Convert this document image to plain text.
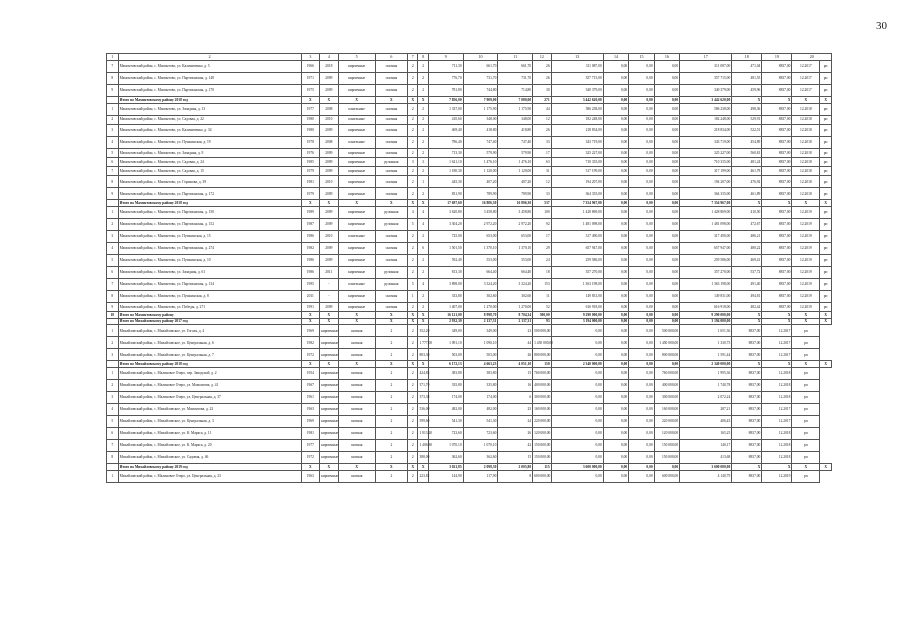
30
1	2	3	4	5	6	7	8	9	10	11	12	13	14	15	16	17	18	19	20	
7	Мамонтовский район, с. Мамонтово, ул. Калиниченко, д. 5	1966	2018	кирпичные	скатная	2	2	711,30	661,70	661,70	26	311 087,00	0,00	0,00	0,00	311 087,00	471,04	8837,00	12.2017	рп
8	Мамонтовский район, с. Мамонтово, ул. Партизанская, д. 148	1971	2009	кирпичные	скатная	2	2	776,70	731,70	731,70	26	357 715,00	0,00	0,00	0,00	357 715,00	481,55	8837,00	12.2017	рп
9	Мамонтовский район, с. Мамонтово, ул. Партизанская, д. 170	1975	2009	кирпичные	скатная	2	2	781,80	744,80	714,80	30	340 379,00	0,00	0,00	0,00	340 379,00	459,96	8837,00	12.2017	рп
	Итого по Мамонтовскому району 2018 год	X	X	X	X	X	X	7 856,00	7 909,00	7 080,00	271	3 442 620,00	0,00	0,00	0,00	3 442 620,00	X	X	X	X
1	Мамонтовский район, с. Мамонтово, ул. Западная, д. 13	1977	2008	панельные	скатная	2	2	1 337,00	1 175,90	1 175,90	44	586 238,00	0,00	0,00	0,00	586 238,00	498,36	8837,00	12.2018	рп
2	Мамонтовский район, с. Мамонтово, ул. Садовая, д. 22	1980	2010	панельные	скатная	2	2	410,60	348,00	348,00	12	182 248,00	0,00	0,00	0,00	182 248,00	529,91	8837,00	12.2018	рп
3	Мамонтовский район, с. Мамонтово, ул. Калиниченко, д. 34	1980	2009	кирпичные	скатная	2	2	469,40	418,80	418,80	26	218 834,00	0,00	0,00	0,00	218 834,00	522,51	8837,00	12.2018	рп
4	Мамонтовский район, с. Мамонтово, ул. Пушкинская, д. 19	1978	2008	панельные	скатная	2	2	786,40	747,40	747,40	33	343 719,00	0,00	0,00	0,00	343 719,00	454,89	8837,00	12.2018	рп
5	Мамонтовский район, с. Мамонтово, ул. Западная, д. 9	1976	2009	кирпичные	скатная	2	2	713,30	579,90	579,90	17	325 227,00	0,00	0,00	0,00	325 227,00	560,81	8837,00	12.2018	рп
6	Мамонтовский район, с. Мамонтово, ул. Садовая, д. 24	1985	2009	кирпичные	рулонная	3	3	1 621,10	1 476,10	1 476,10	63	710 335,00	0,00	0,00	0,00	710 335,00	481,24	8837,00	12.2018	рп
7	Мамонтовский район, с. Мамонтово, ул. Садовая, д. 15	1979	2009	кирпичные	скатная	2	2	1 180,30	1 120,00	1 120,00	31	317 199,00	0,00	0,00	0,00	317 199,00	461,78	8837,00	12.2018	рп
8	Мамонтовский район, с. Мамонтово, ул. Горшкова, д. 39	1981	2010	кирпичные	скатная	2	1	445,30	407,20	407,20	12	194 207,00	0,00	0,00	0,00	194 207,00	476,92	8837,00	12.2018	рп
9	Мамонтовский район, с. Мамонтово, ул. Партизанская, д. 172	1979	2009	кирпичные	скатная	2	2	831,90	789,90	789,90	33	364 335,00	0,00	0,00	0,00	364 335,00	461,89	8837,00	12.2018	рп
	Итого по Мамонтовскому району 2018 год	X	X	X	X	X	X	17 697,60	16 806,30	16 806,30	537	7 354 967,00	0,00	0,00	0,00	7 354 967,00	X	X	X	X
1	Мамонтовский район, с. Мамонтово, ул. Партизанская, д. 150	1989	2009	кирпичные	рулонная	4	4	3 620,80	3 458,80	3 458,80	100	1 428 869,00	0,00	0,00	0,00	1 428 869,00	410,50	8837,00	12.2019	рп
2	Мамонтовский район, с. Мамонтово, ул. Партизанская, д. 152	1987	2009	кирпичные	рулонная	5	4	3 304,20	2 972,20	2 972,20	92	1 481 098,00	0,00	0,00	0,00	1 481 098,00	472,67	8837,00	12.2019	рп
3	Мамонтовский район, с. Мамонтово, ул. Пушкинская, д. 15	1986	2010	панельные	скатная	2	2	725,00	653,00	653,00	17	317 490,00	0,00	0,00	0,00	317 490,00	486,21	8837,00	12.2019	рп
4	Мамонтовский район, с. Мамонтово, ул. Партизанская, д. 274	1982	2009	кирпичные	скатная	2	6	1 501,50	1 370,10	1 370,10	29	657 947,00	0,00	0,00	0,00	657 947,00	480,22	8837,00	12.2019	рп
5	Мамонтовский район, с. Мамонтово, ул. Пушкинская, д. 10	1986	2009	кирпичные	скатная	2	2	592,40	553,00	553,00	24	259 586,00	0,00	0,00	0,00	259 586,00	469,41	8837,00	12.2019	рп
6	Мамонтовский район, с. Мамонтово, ул. Западная, д. 61	1986	2011	кирпичные	рулонная	2	2	813,30	664,40	664,40	18	357 270,00	0,00	0,00	0,00	357 270,00	537,72	8837,00	12.2019	рп
7	Мамонтовский район, с. Мамонтово, ул. Партизанская, д. 134	1995	-	панельные	рулонная	5	4	3 898,00	3 324,20	3 324,20	153	1 363 198,00	0,00	0,00	0,00	1 363 198,00	491,40	8837,00	12.2019	рп
8	Мамонтовский район, с. Мамонтово, ул. Пушкинская, д. 8	2011	-	кирпичные	скатная	1	2	333,80	302,60	302,60	11	149 831,00	0,00	0,00	0,00	149 831,00	494,81	8837,00	12.2019	рп
9	Мамонтовский район, с. Мамонтово, ул. Победы, д. 271	1991	2009	кирпичные	скатная	2	2	1 407,00	1 270,00	1 270,00	52	616 918,00	0,00	0,00	0,00	616 918,00	482,42	8837,00	12.2019	рп
10	Итого по Мамонтовскому району	X	X	X	X	X	X	16 121,00	8 998,70	8 704,34	300,00	9 290 000,00	0,00	0,00	0,00	9 290 000,00	X	X	X	X
	Итого по Михайловскому району 2017 год	X	X	X	X	X	X	2 932,30	2 137,31	2 137,31	93	3 194 000,00	0,00	0,00	0,00	3 194 000,00	X	X	X	X
1	Михайловский район, с. Михайловское, ул. Гоголя, д. 4	1969	кирпичные	скатная	2	2	352,20	349,00	349,00	23	500 000,00	0,00	0,00	0,00	500 000,00	1 651,36	8837,00	12.2017	рп	
2	Михайловский район, с. Михайловское, ул. Центральная, д. 6	1982	кирпичные	скатная	2	2	1 777,00	1 091,10	1 090,10	44	1 450 000,00	0,00	0,00	0,00	1 450 000,00	1 330,75	8837,00	12.2017	рп	
3	Михайловский район, с. Михайловское, ул. Центральная, д. 7	1972	кирпичные	скатная	2	2	803,30	503,00	503,00	26	800 000,00	0,00	0,00	0,00	800 000,00	1 591,44	8837,00	12.2017	рп	
	Итого по Михайловскому району 2018 год	X	X	X	X	X	X	6 172,13	4 663,23	4 051,10	150	2 340 000,00	0,00	0,00	0,00	2 340 000,00	X	X	X	X
1	Михайловский район, с. Малиновое Озеро, пер. Заводской, д. 2	1954	кирпичные	скатная	2	2	424,85	383,80	383,80	15	760 000,00	0,00	0,00	0,00	760 000,00	1 995,36	8837,00	12.2018	рп	
2	Михайловский район, с. Малиновое Озеро, ул. Мамонтова, д. 41	1967	кирпичные	скатная	2	2	371,70	335,80	335,80	16	400 000,00	0,00	0,00	0,00	400 000,00	1 740,78	8837,00	12.2018	рп	
3	Михайловский район, с. Малиновое Озеро, ул. Центральная, д. 37	1961	кирпичные	скатная	2	2	373,38	174,00	174,00	6	300 000,00	0,00	0,00	0,00	300 000,00	2 072,24	8837,00	12.2018	рп	
4	Михайловский район, с. Михайловское, ул. Мамонтова, д. 22	1963	кирпичные	скатная	2	2	536,00	482,00	482,00	25	160 000,00	0,00	0,00	0,00	160 000,00	287,21	8837,00	12.2017	рп	
5	Михайловский район, с. Михайловское, ул. Центральная, д. 3	1969	кирпичные	скатная	2	2	599,60	541,30	541,30	24	220 000,00	0,00	0,00	0,00	220 000,00	406,43	8837,00	12.2017	рп	
6	Михайловский район, с. Михайловское, ул. К. Маркса, д. 11	1981	кирпичные	скатная	2	2	1 013,20	723,60	723,60	26	120 000,00	0,00	0,00	0,00	120 000,00	165,25	8837,00	12.2018	рп	
7	Михайловский район, с. Михайловское, ул. К. Маркса, д. 20	1977	кирпичные	скатная	2	2	1 406,80	1 070,10	1 070,10	42	150 000,00	0,00	0,00	0,00	150 000,00	140,17	8837,00	12.2018	рп	
8	Михайловский район, с. Михайловское, ул. Садовая, д. 46	1972	кирпичные	скатная	2	2	388,00	362,60	362,60	15	150 000,00	0,00	0,00	0,00	150 000,00	413,68	8837,00	12.2018	рп	
	Итого по Михайловскому району 2019 год	X	X	X	X	X	X	3 021,85	2 098,30	2 005,80	115	3 600 000,00	0,00	0,00	0,00	3 600 000,00	X	X	X	X
1	Михайловский район, с. Малиновое Озеро, ул. Центральная, д. 23	1963	кирпичные	скатная	2	2	223,82	144,90	117,90	8	600 000,00	0,00	0,00	0,00	600 000,00	4 140,79	8837,00	12.2019	рп	
